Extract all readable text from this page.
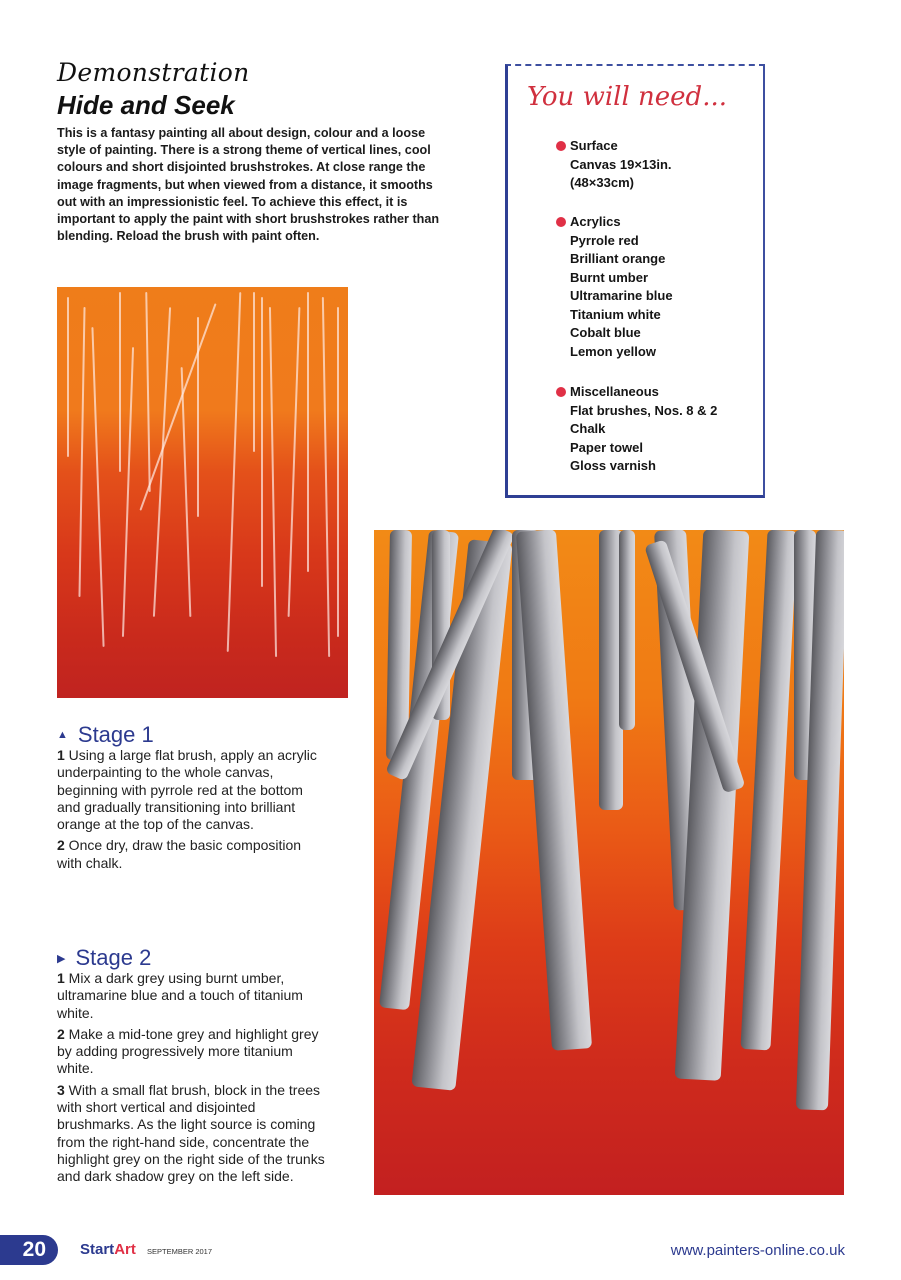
Demonstration
Hide and Seek
This is a fantasy painting all about design, colour and a loose style of painting. There is a strong theme of vertical lines, cool colours and short disjointed brushstrokes. At close range the image fragments, but when viewed from a distance, it smooths out with an impressionistic feel. To achieve this effect, it is important to apply the paint with short brushstrokes rather than blending. Reload the brush with paint often.
You will need...
Surface
Canvas 19×13in.
(48×33cm)
Acrylics
Pyrrole red
Brilliant orange
Burnt umber
Ultramarine blue
Titanium white
Cobalt blue
Lemon yellow
Miscellaneous
Flat brushes, Nos. 8 & 2
Chalk
Paper towel
Gloss varnish
▲ Stage 1

1 Using a large flat brush, apply an acrylic underpainting to the whole canvas, beginning with pyrrole red at the bottom and gradually transitioning into brilliant orange at the top of the canvas.

2 Once dry, draw the basic composition with chalk.

▶ Stage 2

1 Mix a dark grey using burnt umber, ultramarine blue and a touch of titanium white.

2 Make a mid-tone grey and highlight grey by adding progressively more titanium white.

3 With a small flat brush, block in the trees with short vertical and disjointed brushmarks. As the light source is coming from the right-hand side, concentrate the highlight grey on the right side of the trunks and dark shadow grey on the left side.

20	StartArt SEPTEMBER 2017	www.painters-online.co.uk
